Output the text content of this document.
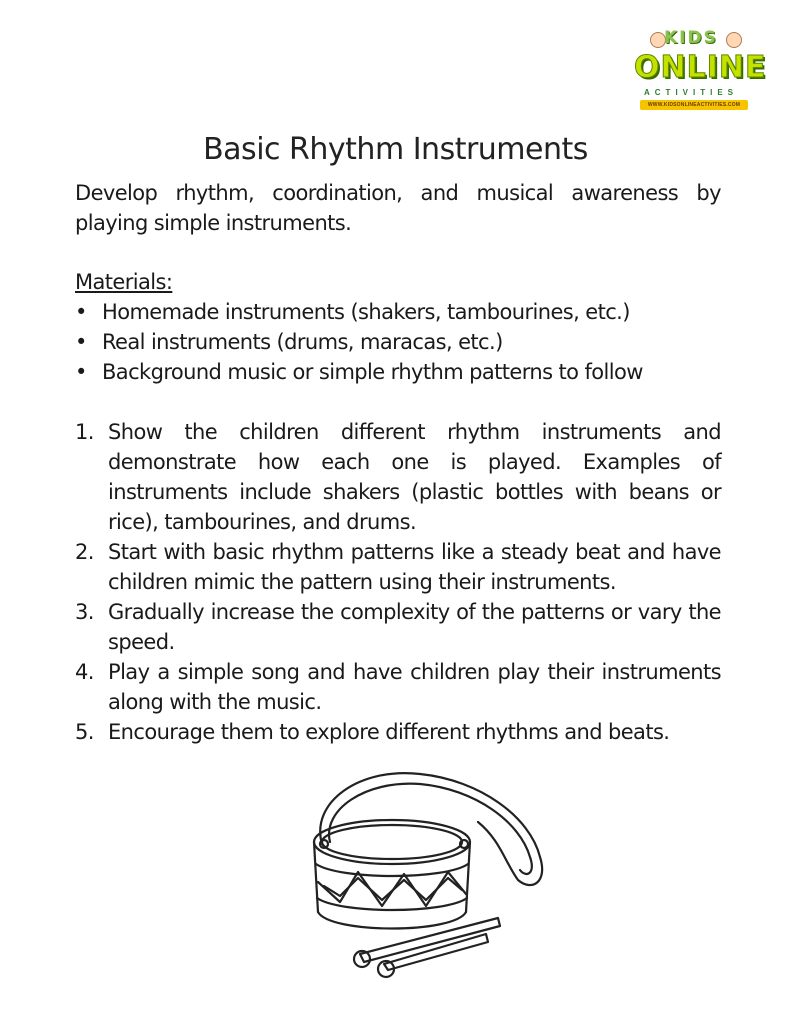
KIDS
ONLINE
ACTIVITIES
WWW.KIDSONLINEACTIVITIES.COM
Basic Rhythm Instruments

Develop rhythm, coordination, and musical awareness by playing simple instruments.

Materials:

• Homemade instruments (shakers, tambourines, etc.)
• Real instruments (drums, maracas, etc.)
• Background music or simple rhythm patterns to follow
1. Show the children different rhythm instruments and demonstrate how each one is played. Examples of instruments include shakers (plastic bottles with beans or rice), tambourines, and drums.
2. Start with basic rhythm patterns like a steady beat and have children mimic the pattern using their instruments.
3. Gradually increase the complexity of the patterns or vary the speed.
4. Play a simple song and have children play their instruments along with the music.
5. Encourage them to explore different rhythms and beats.
